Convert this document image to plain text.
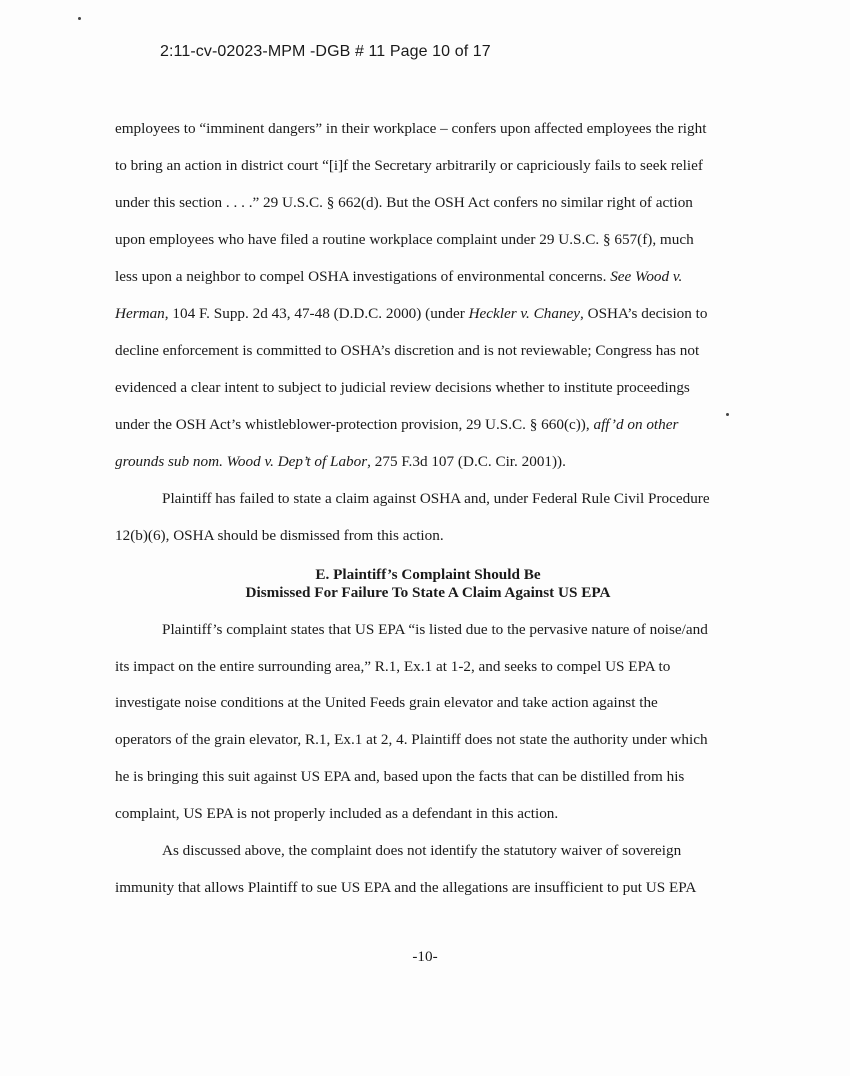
2:11-cv-02023-MPM -DGB # 11 Page 10 of 17
employees to “imminent dangers” in their workplace – confers upon affected employees the right
to bring an action in district court “[i]f the Secretary arbitrarily or capriciously fails to seek relief
under this section . . . .” 29 U.S.C. § 662(d). But the OSH Act confers no similar right of action
upon employees who have filed a routine workplace complaint under 29 U.S.C. § 657(f), much
less upon a neighbor to compel OSHA investigations of environmental concerns. See Wood v.
Herman, 104 F. Supp. 2d 43, 47-48 (D.D.C. 2000) (under Heckler v. Chaney, OSHA’s decision to
decline enforcement is committed to OSHA’s discretion and is not reviewable; Congress has not
evidenced a clear intent to subject to judicial review decisions whether to institute proceedings
under the OSH Act’s whistleblower-protection provision, 29 U.S.C. § 660(c)), aff’d on other
grounds sub nom. Wood v. Dep’t of Labor, 275 F.3d 107 (D.C. Cir. 2001)).
Plaintiff has failed to state a claim against OSHA and, under Federal Rule Civil Procedure
12(b)(6), OSHA should be dismissed from this action.
Plaintiff’s complaint states that US EPA “is listed due to the pervasive nature of noise/and
its impact on the entire surrounding area,” R.1, Ex.1 at 1-2, and seeks to compel US EPA to
investigate noise conditions at the United Feeds grain elevator and take action against the
operators of the grain elevator, R.1, Ex.1 at 2, 4. Plaintiff does not state the authority under which
he is bringing this suit against US EPA and, based upon the facts that can be distilled from his
complaint, US EPA is not properly included as a defendant in this action.
As discussed above, the complaint does not identify the statutory waiver of sovereign
immunity that allows Plaintiff to sue US EPA and the allegations are insufficient to put US EPA
E. Plaintiff’s Complaint Should Be
Dismissed For Failure To State A Claim Against US EPA
-10-
